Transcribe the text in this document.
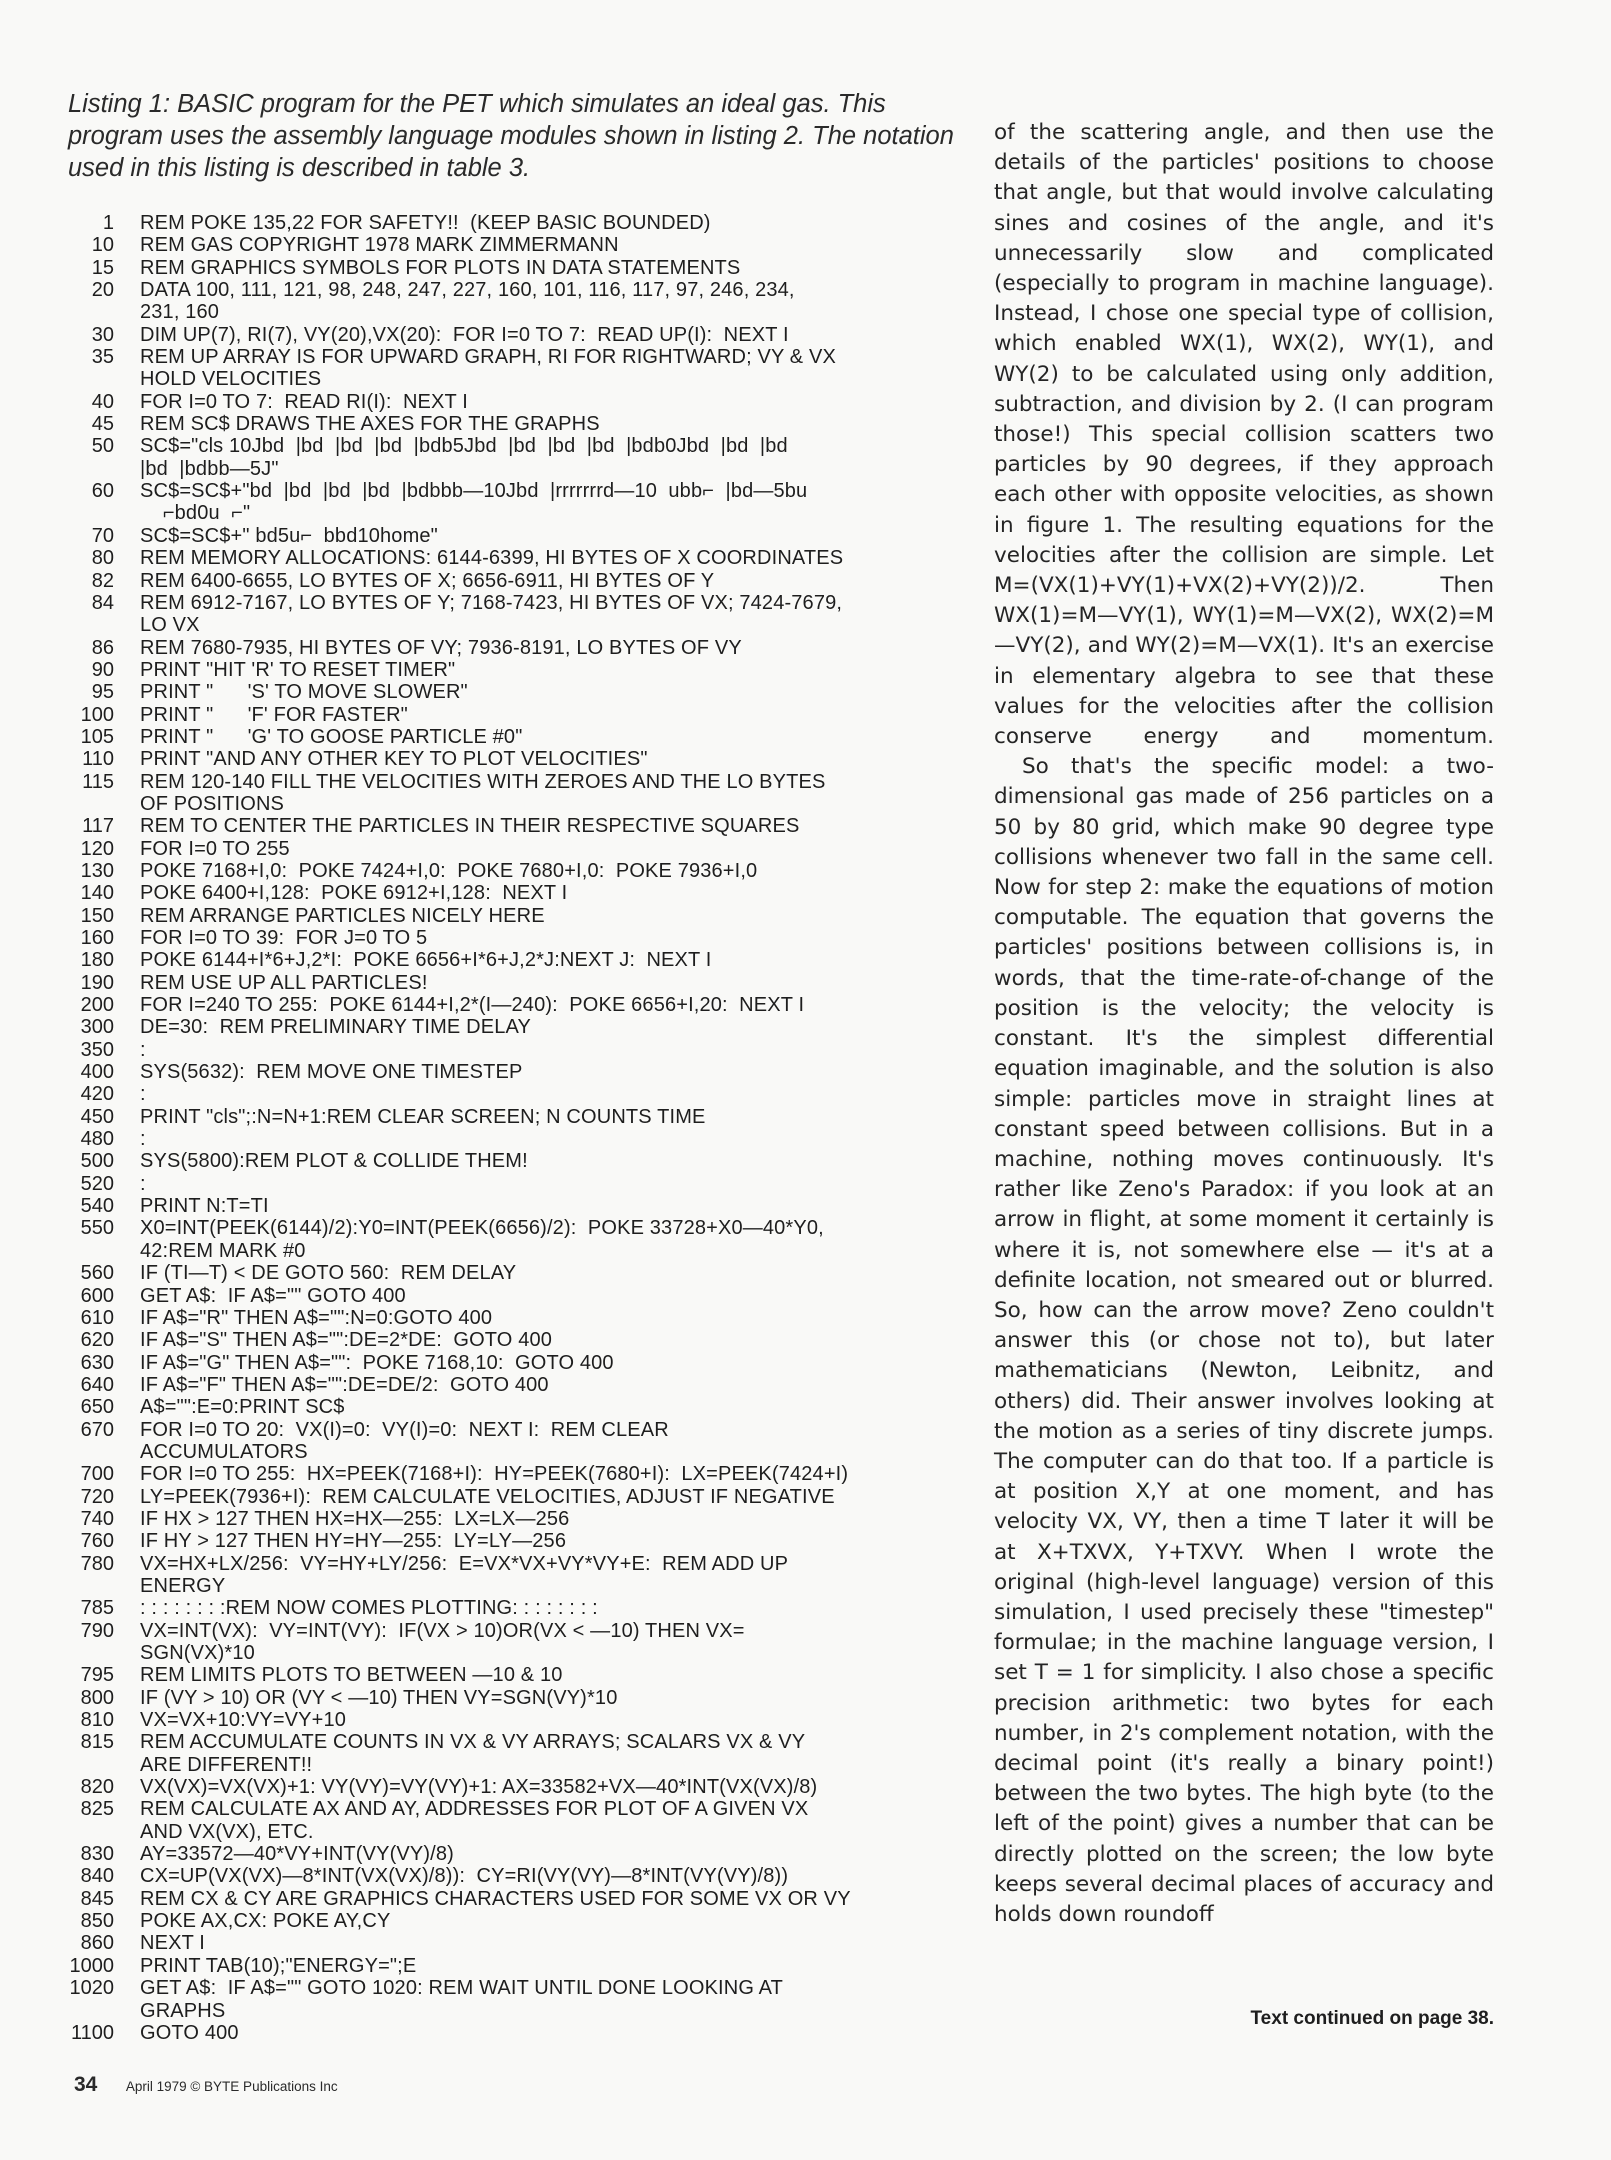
Listing 1: BASIC program for the PET which simulates an ideal gas. This
program uses the assembly language modules shown in listing 2. The notation
used in this listing is described in table 3.
1 REM POKE 135,22 FOR SAFETY!!  (KEEP BASIC BOUNDED)
10 REM GAS COPYRIGHT 1978 MARK ZIMMERMANN
15 REM GRAPHICS SYMBOLS FOR PLOTS IN DATA STATEMENTS
20 DATA 100, 111, 121, 98, 248, 247, 227, 160, 101, 116, 117, 97, 246, 234,
231, 160
30 DIM UP(7), RI(7), VY(20),VX(20):  FOR I=0 TO 7:  READ UP(I):  NEXT I
35 REM UP ARRAY IS FOR UPWARD GRAPH, RI FOR RIGHTWARD; VY & VX
HOLD VELOCITIES
40 FOR I=0 TO 7:  READ RI(I):  NEXT I
45 REM SC$ DRAWS THE AXES FOR THE GRAPHS
50 SC$="cls 10Jbd  |bd  |bd  |bd  |bdb5Jbd  |bd  |bd  |bd  |bdb0Jbd  |bd  |bd
|bd  |bdbb—5J"
60 SC$=SC$+"bd  |bd  |bd  |bd  |bdbbb—10Jbd  |rrrrrrrd—10  ubb⌐  |bd—5bu
⌐bd0u  ⌐"
70 SC$=SC$+" bd5u⌐  bbd10home"
80 REM MEMORY ALLOCATIONS: 6144-6399, HI BYTES OF X COORDINATES
82 REM 6400-6655, LO BYTES OF X; 6656-6911, HI BYTES OF Y
84 REM 6912-7167, LO BYTES OF Y; 7168-7423, HI BYTES OF VX; 7424-7679,
LO VX
86 REM 7680-7935, HI BYTES OF VY; 7936-8191, LO BYTES OF VY
90 PRINT "HIT 'R' TO RESET TIMER"
95 PRINT "      'S' TO MOVE SLOWER"
100 PRINT "      'F' FOR FASTER"
105 PRINT "      'G' TO GOOSE PARTICLE #0"
110 PRINT "AND ANY OTHER KEY TO PLOT VELOCITIES"
115 REM 120-140 FILL THE VELOCITIES WITH ZEROES AND THE LO BYTES
OF POSITIONS
117 REM TO CENTER THE PARTICLES IN THEIR RESPECTIVE SQUARES
120 FOR I=0 TO 255
130 POKE 7168+I,0:  POKE 7424+I,0:  POKE 7680+I,0:  POKE 7936+I,0
140 POKE 6400+I,128:  POKE 6912+I,128:  NEXT I
150 REM ARRANGE PARTICLES NICELY HERE
160 FOR I=0 TO 39:  FOR J=0 TO 5
180 POKE 6144+I*6+J,2*I:  POKE 6656+I*6+J,2*J:NEXT J:  NEXT I
190 REM USE UP ALL PARTICLES!
200 FOR I=240 TO 255:  POKE 6144+I,2*(I—240):  POKE 6656+I,20:  NEXT I
300 DE=30:  REM PRELIMINARY TIME DELAY
350 :
400 SYS(5632):  REM MOVE ONE TIMESTEP
420 :
450 PRINT "cls";:N=N+1:REM CLEAR SCREEN; N COUNTS TIME
480 :
500 SYS(5800):REM PLOT & COLLIDE THEM!
520 :
540 PRINT N:T=TI
550 X0=INT(PEEK(6144)/2):Y0=INT(PEEK(6656)/2):  POKE 33728+X0—40*Y0,
42:REM MARK #0
560 IF (TI—T) < DE GOTO 560:  REM DELAY
600 GET A$:  IF A$="" GOTO 400
610 IF A$="R" THEN A$="":N=0:GOTO 400
620 IF A$="S" THEN A$="":DE=2*DE:  GOTO 400
630 IF A$="G" THEN A$="":  POKE 7168,10:  GOTO 400
640 IF A$="F" THEN A$="":DE=DE/2:  GOTO 400
650 A$="":E=0:PRINT SC$
670 FOR I=0 TO 20:  VX(I)=0:  VY(I)=0:  NEXT I:  REM CLEAR
ACCUMULATORS
700 FOR I=0 TO 255:  HX=PEEK(7168+I):  HY=PEEK(7680+I):  LX=PEEK(7424+I)
720 LY=PEEK(7936+I):  REM CALCULATE VELOCITIES, ADJUST IF NEGATIVE
740 IF HX > 127 THEN HX=HX—255:  LX=LX—256
760 IF HY > 127 THEN HY=HY—255:  LY=LY—256
780 VX=HX+LX/256:  VY=HY+LY/256:  E=VX*VX+VY*VY+E:  REM ADD UP
ENERGY
785 : : : : : : : :REM NOW COMES PLOTTING: : : : : : : :
790 VX=INT(VX):  VY=INT(VY):  IF(VX > 10)OR(VX < —10) THEN VX=
SGN(VX)*10
795 REM LIMITS PLOTS TO BETWEEN —10 & 10
800 IF (VY > 10) OR (VY < —10) THEN VY=SGN(VY)*10
810 VX=VX+10:VY=VY+10
815 REM ACCUMULATE COUNTS IN VX & VY ARRAYS; SCALARS VX & VY
ARE DIFFERENT!!
820 VX(VX)=VX(VX)+1: VY(VY)=VY(VY)+1: AX=33582+VX—40*INT(VX(VX)/8)
825 REM CALCULATE AX AND AY, ADDRESSES FOR PLOT OF A GIVEN VX
AND VX(VX), ETC.
830 AY=33572—40*VY+INT(VY(VY)/8)
840 CX=UP(VX(VX)—8*INT(VX(VX)/8)):  CY=RI(VY(VY)—8*INT(VY(VY)/8))
845 REM CX & CY ARE GRAPHICS CHARACTERS USED FOR SOME VX OR VY
850 POKE AX,CX: POKE AY,CY
860 NEXT I
1000 PRINT TAB(10);"ENERGY=";E
1020 GET A$:  IF A$="" GOTO 1020: REM WAIT UNTIL DONE LOOKING AT
GRAPHS
1100 GOTO 400

of the scattering angle, and then use the details of the particles' positions to choose that angle, but that would involve calculating sines and cosines of the angle, and it's unnecessarily slow and complicated (especially to program in machine language). Instead, I chose one special type of collision, which enabled WX(1), WX(2), WY(1), and WY(2) to be calculated using only addition, subtraction, and division by 2. (I can program those!) This special collision scatters two particles by 90 degrees, if they approach each other with opposite velocities, as shown in figure 1. The resulting equations for the velocities after the collision are simple. Let M=(VX(1)+VY(1)+VX(2)+VY(2))/2. Then WX(1)=M—VY(1), WY(1)=M—VX(2), WX(2)=M—VY(2), and WY(2)=M—VX(1). It's an exercise in elementary algebra to see that these values for the velocities after the collision conserve energy and momentum.

So that's the specific model: a two-dimensional gas made of 256 particles on a 50 by 80 grid, which make 90 degree type collisions whenever two fall in the same cell. Now for step 2: make the equations of motion computable. The equation that governs the particles' positions between collisions is, in words, that the time-rate-of-change of the position is the velocity; the velocity is constant. It's the simplest differential equation imaginable, and the solution is also simple: particles move in straight lines at constant speed between collisions. But in a machine, nothing moves continuously. It's rather like Zeno's Paradox: if you look at an arrow in flight, at some moment it certainly is where it is, not somewhere else — it's at a definite location, not smeared out or blurred. So, how can the arrow move? Zeno couldn't answer this (or chose not to), but later mathematicians (Newton, Leibnitz, and others) did. Their answer involves looking at the motion as a series of tiny discrete jumps. The computer can do that too. If a particle is at position X,Y at one moment, and has velocity VX, VY, then a time T later it will be at X+TXVX, Y+TXVY. When I wrote the original (high-level language) version of this simulation, I used precisely these "timestep" formulae; in the machine language version, I set T = 1 for simplicity. I also chose a specific precision arithmetic: two bytes for each number, in 2's complement notation, with the decimal point (it's really a binary point!) between the two bytes. The high byte (to the left of the point) gives a number that can be directly plotted on the screen; the low byte keeps several decimal places of accuracy and holds down roundoff

Text continued on page 38.
34 April 1979 © BYTE Publications Inc
